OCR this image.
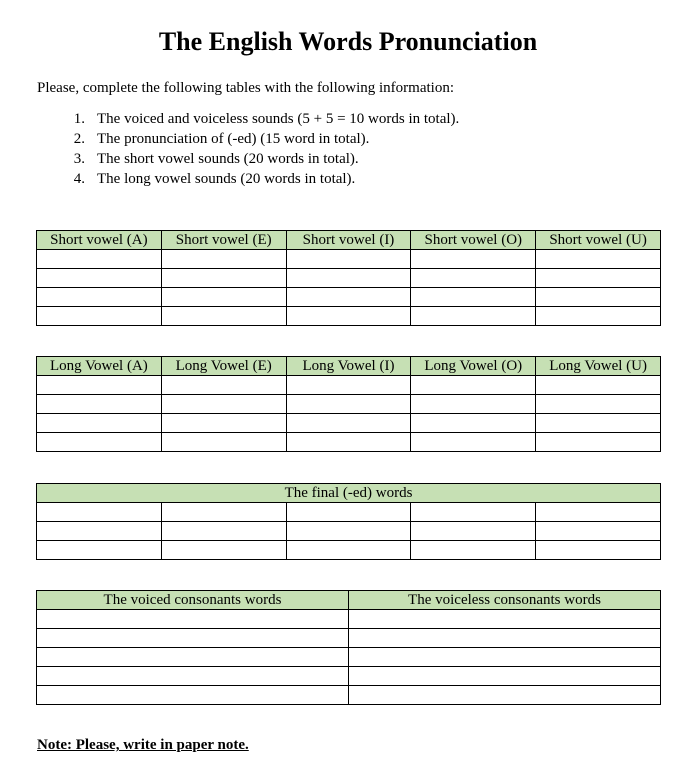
The English Words Pronunciation

Please, complete the following tables with the following information:

1. The voiced and voiceless sounds (5 + 5 = 10 words in total).
2. The pronunciation of (-ed) (15 word in total).
3. The short vowel sounds (20 words in total).
4. The long vowel sounds (20 words in total).
Short vowel (A)	Short vowel (E)	Short vowel (I)	Short vowel (O)	Short vowel (U)

Long Vowel (A)	Long Vowel (E)	Long Vowel (I)	Long Vowel (O)	Long Vowel (U)

The final (-ed) words				

The voiced consonants words	The voiceless consonants words

Note: Please, write in paper note.
